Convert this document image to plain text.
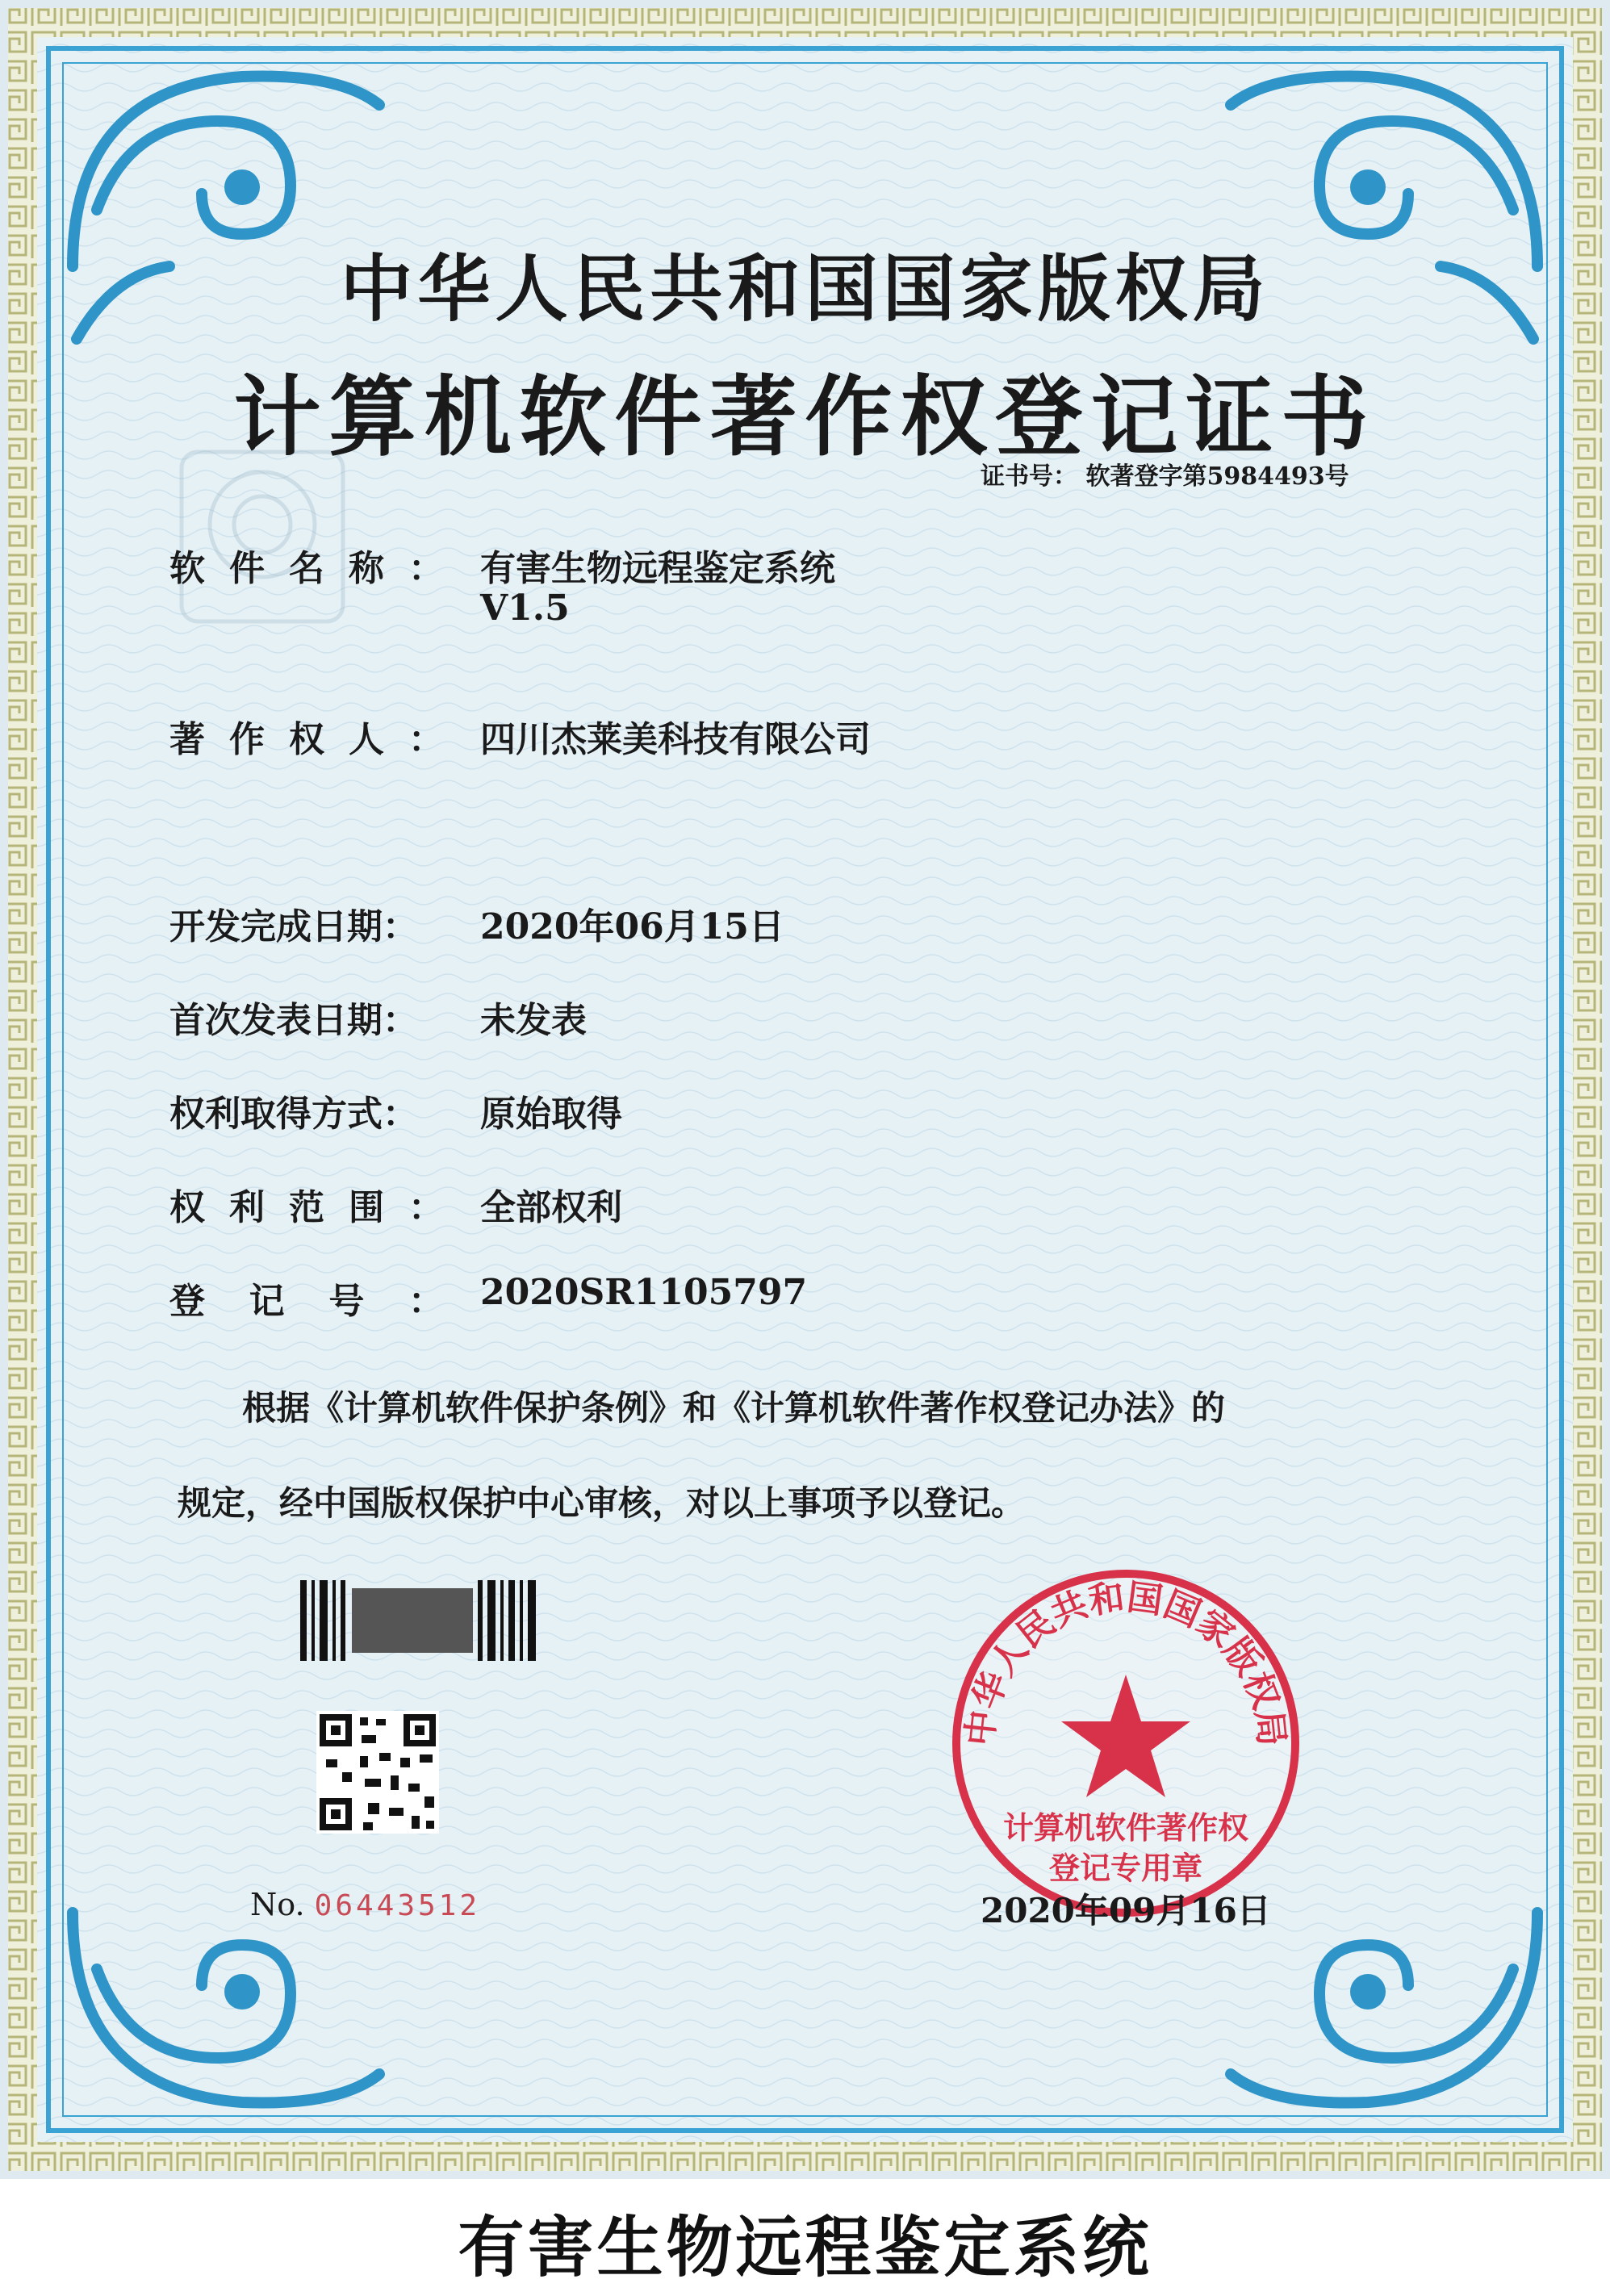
中华人民共和国国家版权局
计算机软件著作权
登记专用章
中华人民共和国国家版权局
计算机软件著作权登记证书
证书号： 软著登字第5984493号
软 件 名 称 ： 有害生物远程鉴定系统
V1.5
著 作 权 人 ： 四川杰莱美科技有限公司
开发完成日期： 2020年06月15日
首次发表日期： 未发表
权利取得方式： 原始取得
权 利 范 围 ： 全部权利
登 记 号 ： 2020SR1105797
根据《计算机软件保护条例》和《计算机软件著作权登记办法》的
规定，经中国版权保护中心审核，对以上事项予以登记。
No. 06443512	2020年09月16日
有害生物远程鉴定系统
